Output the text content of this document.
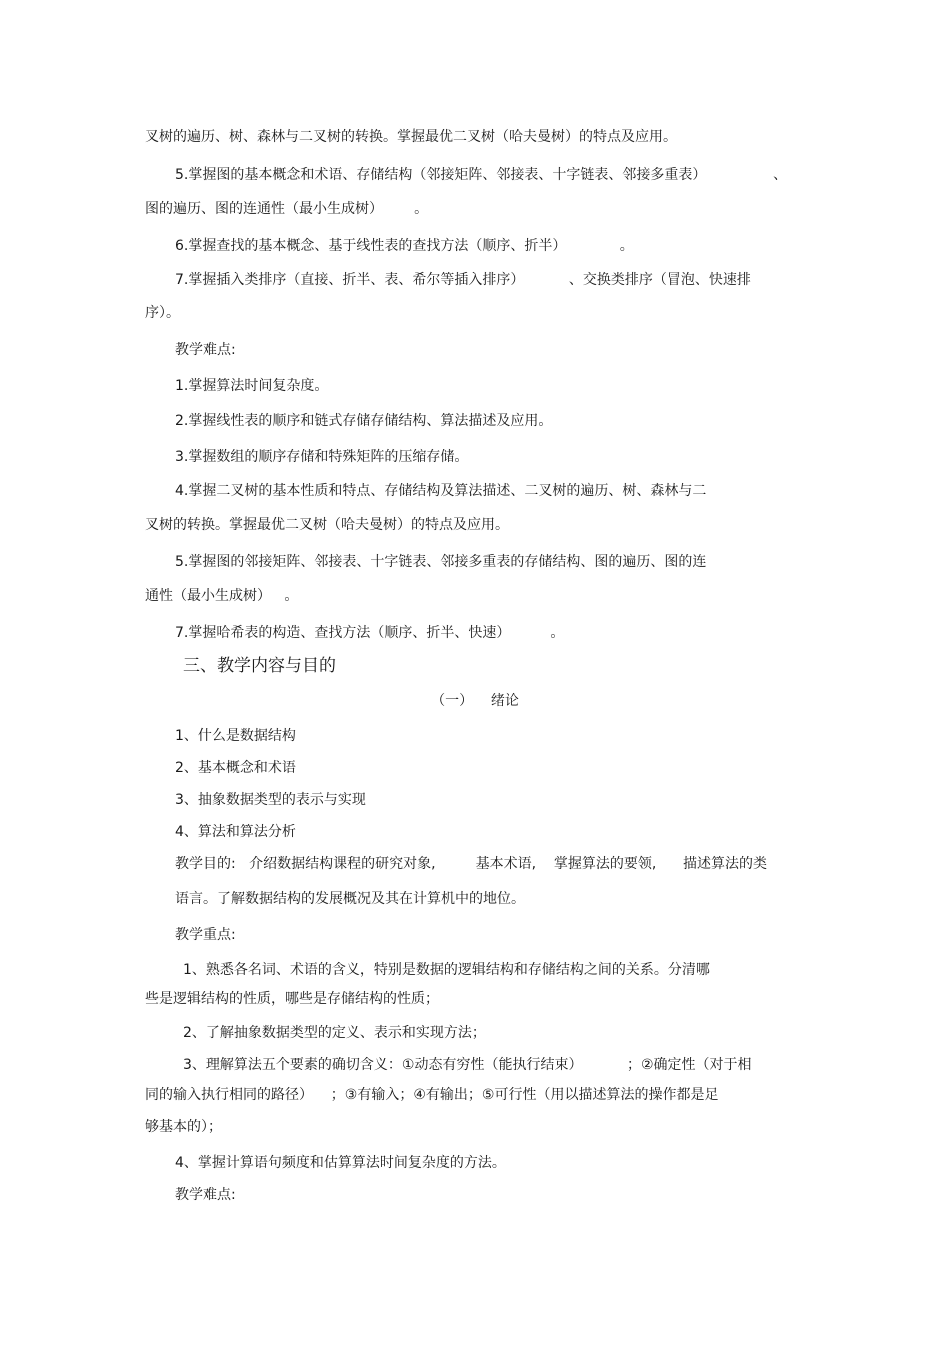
叉树的遍历、树、森林与二叉树的转换。掌握最优二叉树（哈夫曼树）的特点及应用。

5.掌握图的基本概念和术语、存储结构（邻接矩阵、邻接表、十字链表、邻接多重表）               、

图的遍历、图的连通性（最小生成树）       。

6.掌握查找的基本概念、基于线性表的查找方法（顺序、折半）            。

7.掌握插入类排序（直接、折半、表、希尔等插入排序）          、交换类排序（冒泡、快速排

序）。

教学难点:

1.掌握算法时间复杂度。

2.掌握线性表的顺序和链式存储存储结构、算法描述及应用。

3.掌握数组的顺序存储和特殊矩阵的压缩存储。

4.掌握二叉树的基本性质和特点、存储结构及算法描述、二叉树的遍历、树、森林与二

叉树的转换。掌握最优二叉树（哈夫曼树）的特点及应用。

5.掌握图的邻接矩阵、邻接表、十字链表、邻接多重表的存储结构、图的遍历、图的连

通性（最小生成树）   。

7.掌握哈希表的构造、查找方法（顺序、折半、快速）         。

三、教学内容与目的

（一）    绪论

1、什么是数据结构

2、基本概念和术语

3、抽象数据类型的表示与实现

4、算法和算法分析

教学目的:   介绍数据结构课程的研究对象,         基本术语,    掌握算法的要领,      描述算法的类

语言。了解数据结构的发展概况及其在计算机中的地位。

教学重点:

1、熟悉各名词、术语的含义，特别是数据的逻辑结构和存储结构之间的关系。分清哪

些是逻辑结构的性质，哪些是存储结构的性质；

2、了解抽象数据类型的定义、表示和实现方法；

3、理解算法五个要素的确切含义：①动态有穷性（能执行结束）          ；②确定性（对于相

同的输入执行相同的路径）    ；③有输入；④有输出；⑤可行性（用以描述算法的操作都是足

够基本的）；

4、掌握计算语句频度和估算算法时间复杂度的方法。

教学难点:
